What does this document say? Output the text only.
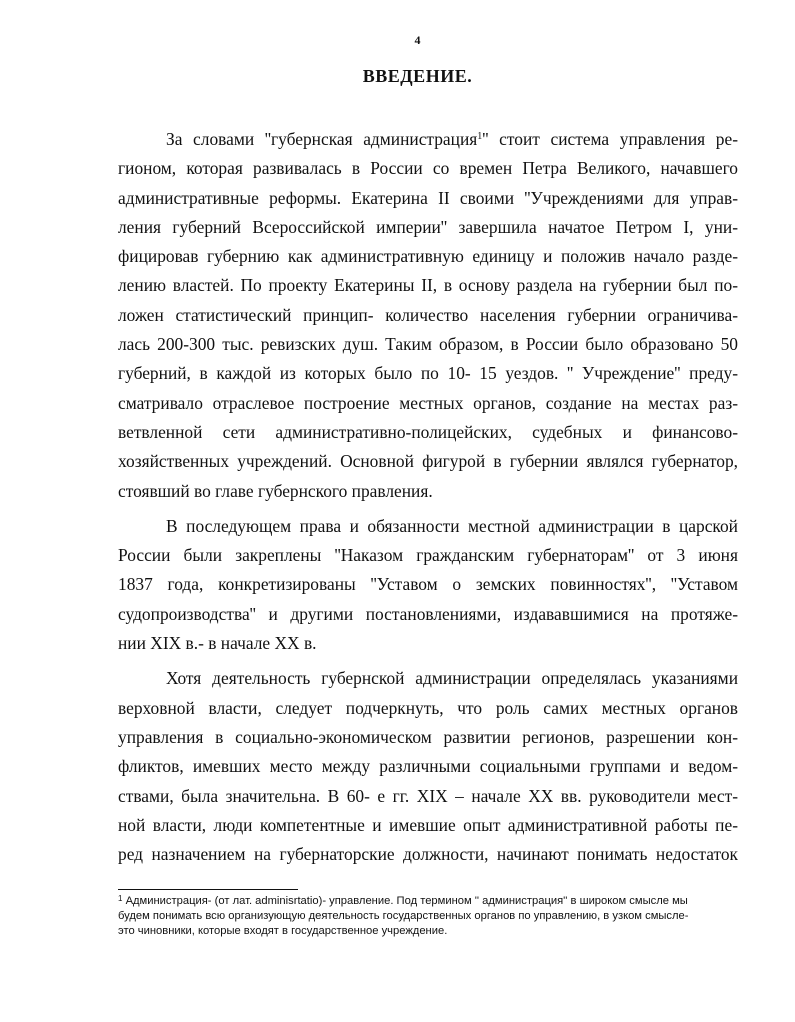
4
ВВЕДЕНИЕ.
За словами ''губернская администрация$^1$'' стоит система управления ре-
гионом, которая развивалась в России со времен Петра Великого, начавшего
административные реформы. Екатерина II своими ''Учреждениями для управ-
ления губерний Всероссийской империи'' завершила начатое Петром I, уни-
фицировав губернию как административную единицу и положив начало разде-
лению властей. По проекту Екатерины II, в основу раздела на губернии был по-
ложен статистический принцип- количество населения губернии ограничива-
лась 200-300 тыс. ревизских душ. Таким образом, в России было образовано 50
губерний, в каждой из которых было по 10- 15 уездов. '' Учреждение'' преду-
сматривало отраслевое построение местных органов, создание на местах раз-
ветвленной сети административно-полицейских, судебных и финансово-
хозяйственных учреждений. Основной фигурой в губернии являлся губернатор,
стоявший во главе губернского правления.
В последующем права и обязанности местной администрации в царской
России были закреплены ''Наказом гражданским губернаторам'' от 3 июня
1837 года, конкретизированы ''Уставом о земских повинностях'', ''Уставом
судопроизводства'' и другими постановлениями, издававшимися на протяже-
нии XIX в.- в начале XX в.
Хотя деятельность губернской администрации определялась указаниями
верховной власти, следует подчеркнуть, что роль самих местных органов
управления в социально-экономическом развитии регионов, разрешении кон-
фликтов, имевших место между различными социальными группами и ведом-
ствами, была значительна. В 60- е гг. XIX – начале XX вв. руководители мест-
ной власти, люди компетентные и имевшие опыт административной работы пе-
ред назначением на губернаторские должности, начинают понимать недостаток
$^1$ Администрация- (от лат. adminisrtatio)- управление. Под термином '' администрация'' в широком смысле мы
будем понимать всю организующую деятельность государственных органов по управлению, в узком смысле-
это чиновники, которые входят в государственное учреждение.
